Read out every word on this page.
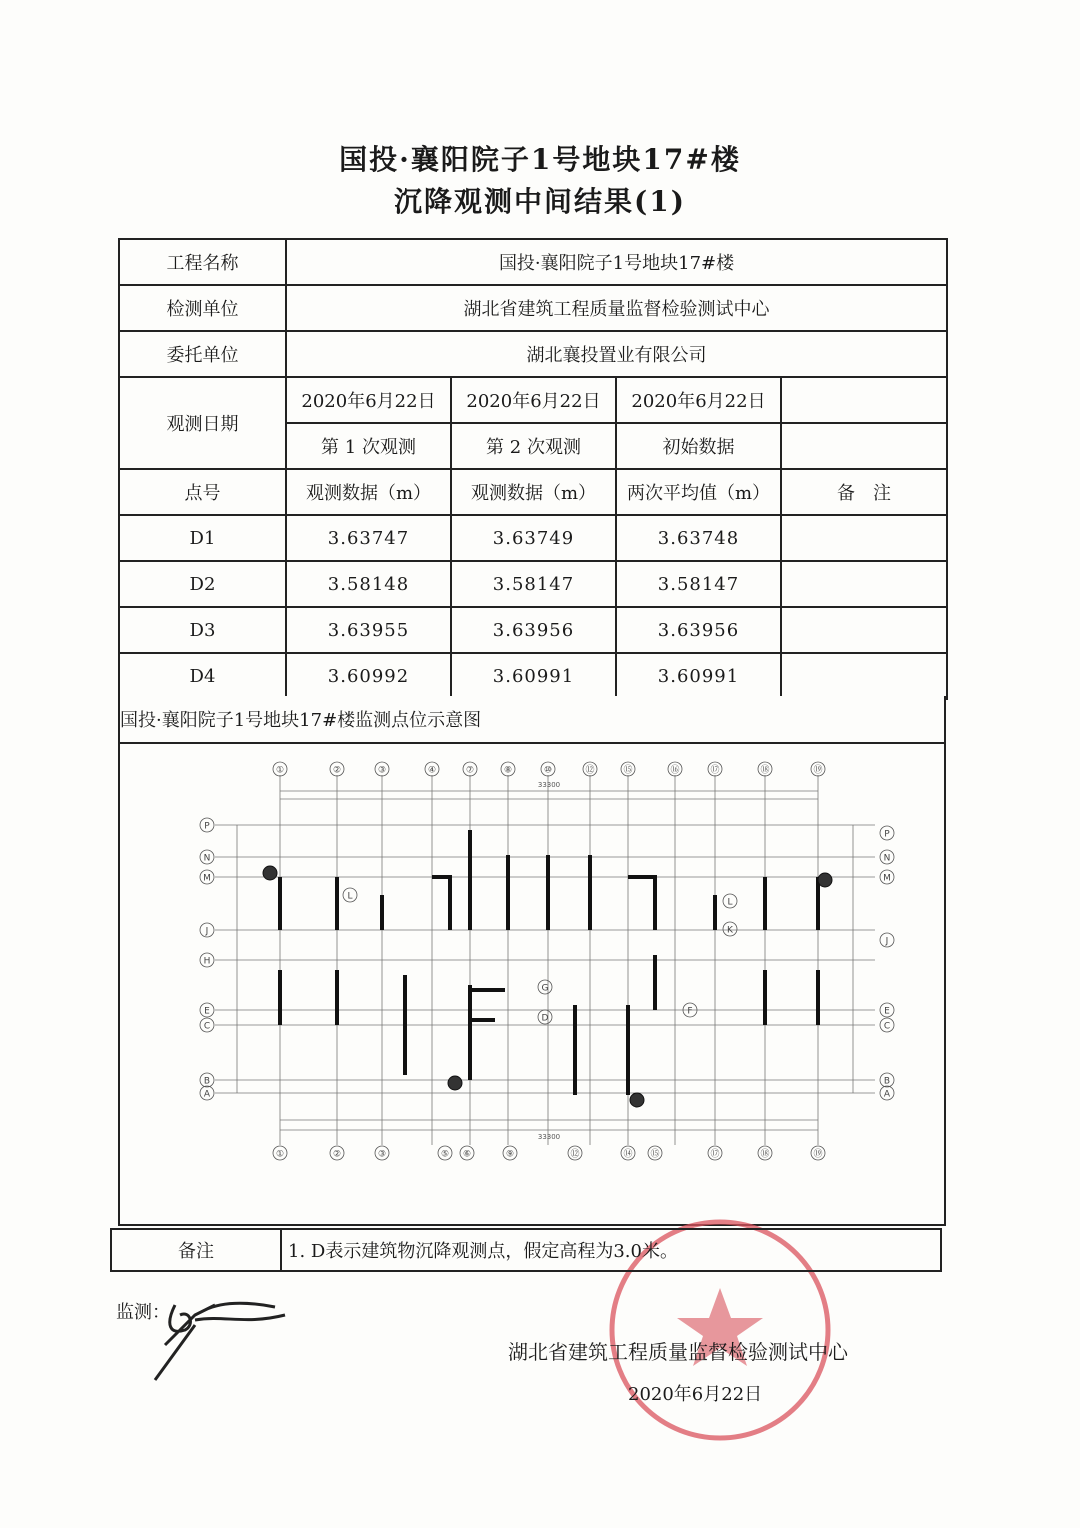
国投·襄阳院子1号地块17#楼
沉降观测中间结果(1)
工程名称	国投·襄阳院子1号地块17#楼			
检测单位	湖北省建筑工程质量监督检验测试中心			
委托单位	湖北襄投置业有限公司			
观测日期	2020年6月22日	2020年6月22日	2020年6月22日	
	第 1 次观测	第 2 次观测	初始数据	
点号	观测数据（m）	观测数据（m）	两次平均值（m）	备　注
D1	3.63747	3.63749	3.63748	
D2	3.58148	3.58147	3.58147	
D3	3.63955	3.63956	3.63956	
D4	3.60992	3.60991	3.60991	
国投·襄阳院子1号地块17#楼监测点位示意图
①	②	③	④	⑦	⑧	⑩	⑫	⑮	⑯	⑰	⑱	⑲
①	②	③	⑤ ⑥	⑨	⑫	⑭ ⑮	⑰	⑱	⑲
P
N
M
J
H
E
C
B
A
P
N
M
J
E
C
B
A
L
G
D
F
L
K
33300
33300
备注	1. D表示建筑物沉降观测点，假定高程为3.0米。
监测：
湖北省建筑工程质量监督检验测试中心
2020年6月22日
